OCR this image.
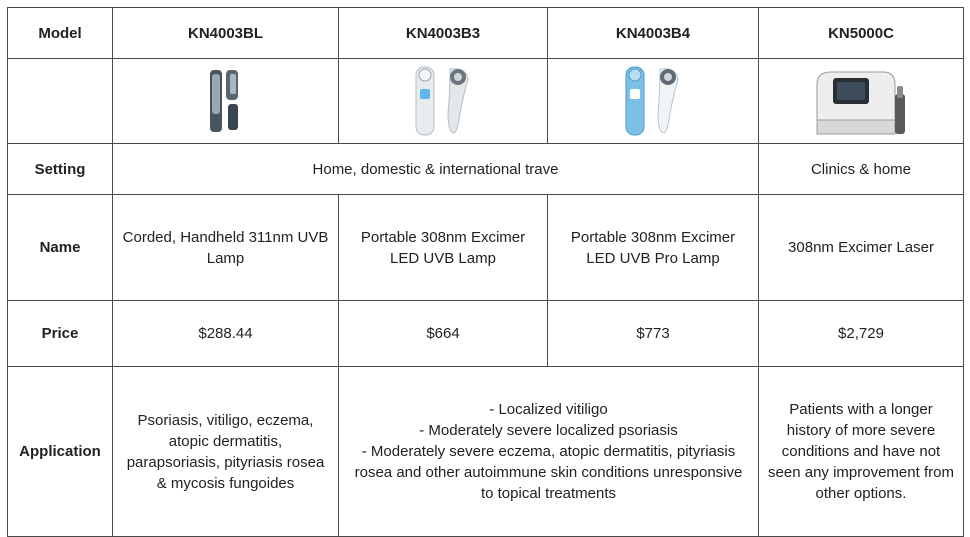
Model	KN4003BL	KN4003B3	KN4003B4	KN5000C

Setting	Home, domestic & international trave			Clinics & home
Name	Corded, Handheld 311nm UVB Lamp	Portable 308nm Excimer LED UVB Lamp	Portable 308nm Excimer LED UVB Pro Lamp	308nm Excimer Laser
Price	$288.44	$664	$773	$2,729
Application	Psoriasis, vitiligo, eczema, atopic dermatitis, parapsoriasis, pityriasis rosea & mycosis fungoides	- Localized vitiligo
- Moderately severe localized psoriasis
- Moderately severe eczema, atopic dermatitis, pityriasis rosea and other autoimmune skin conditions unresponsive to topical treatments		Patients with a longer history of more severe conditions and have not seen any improvement from other options.
